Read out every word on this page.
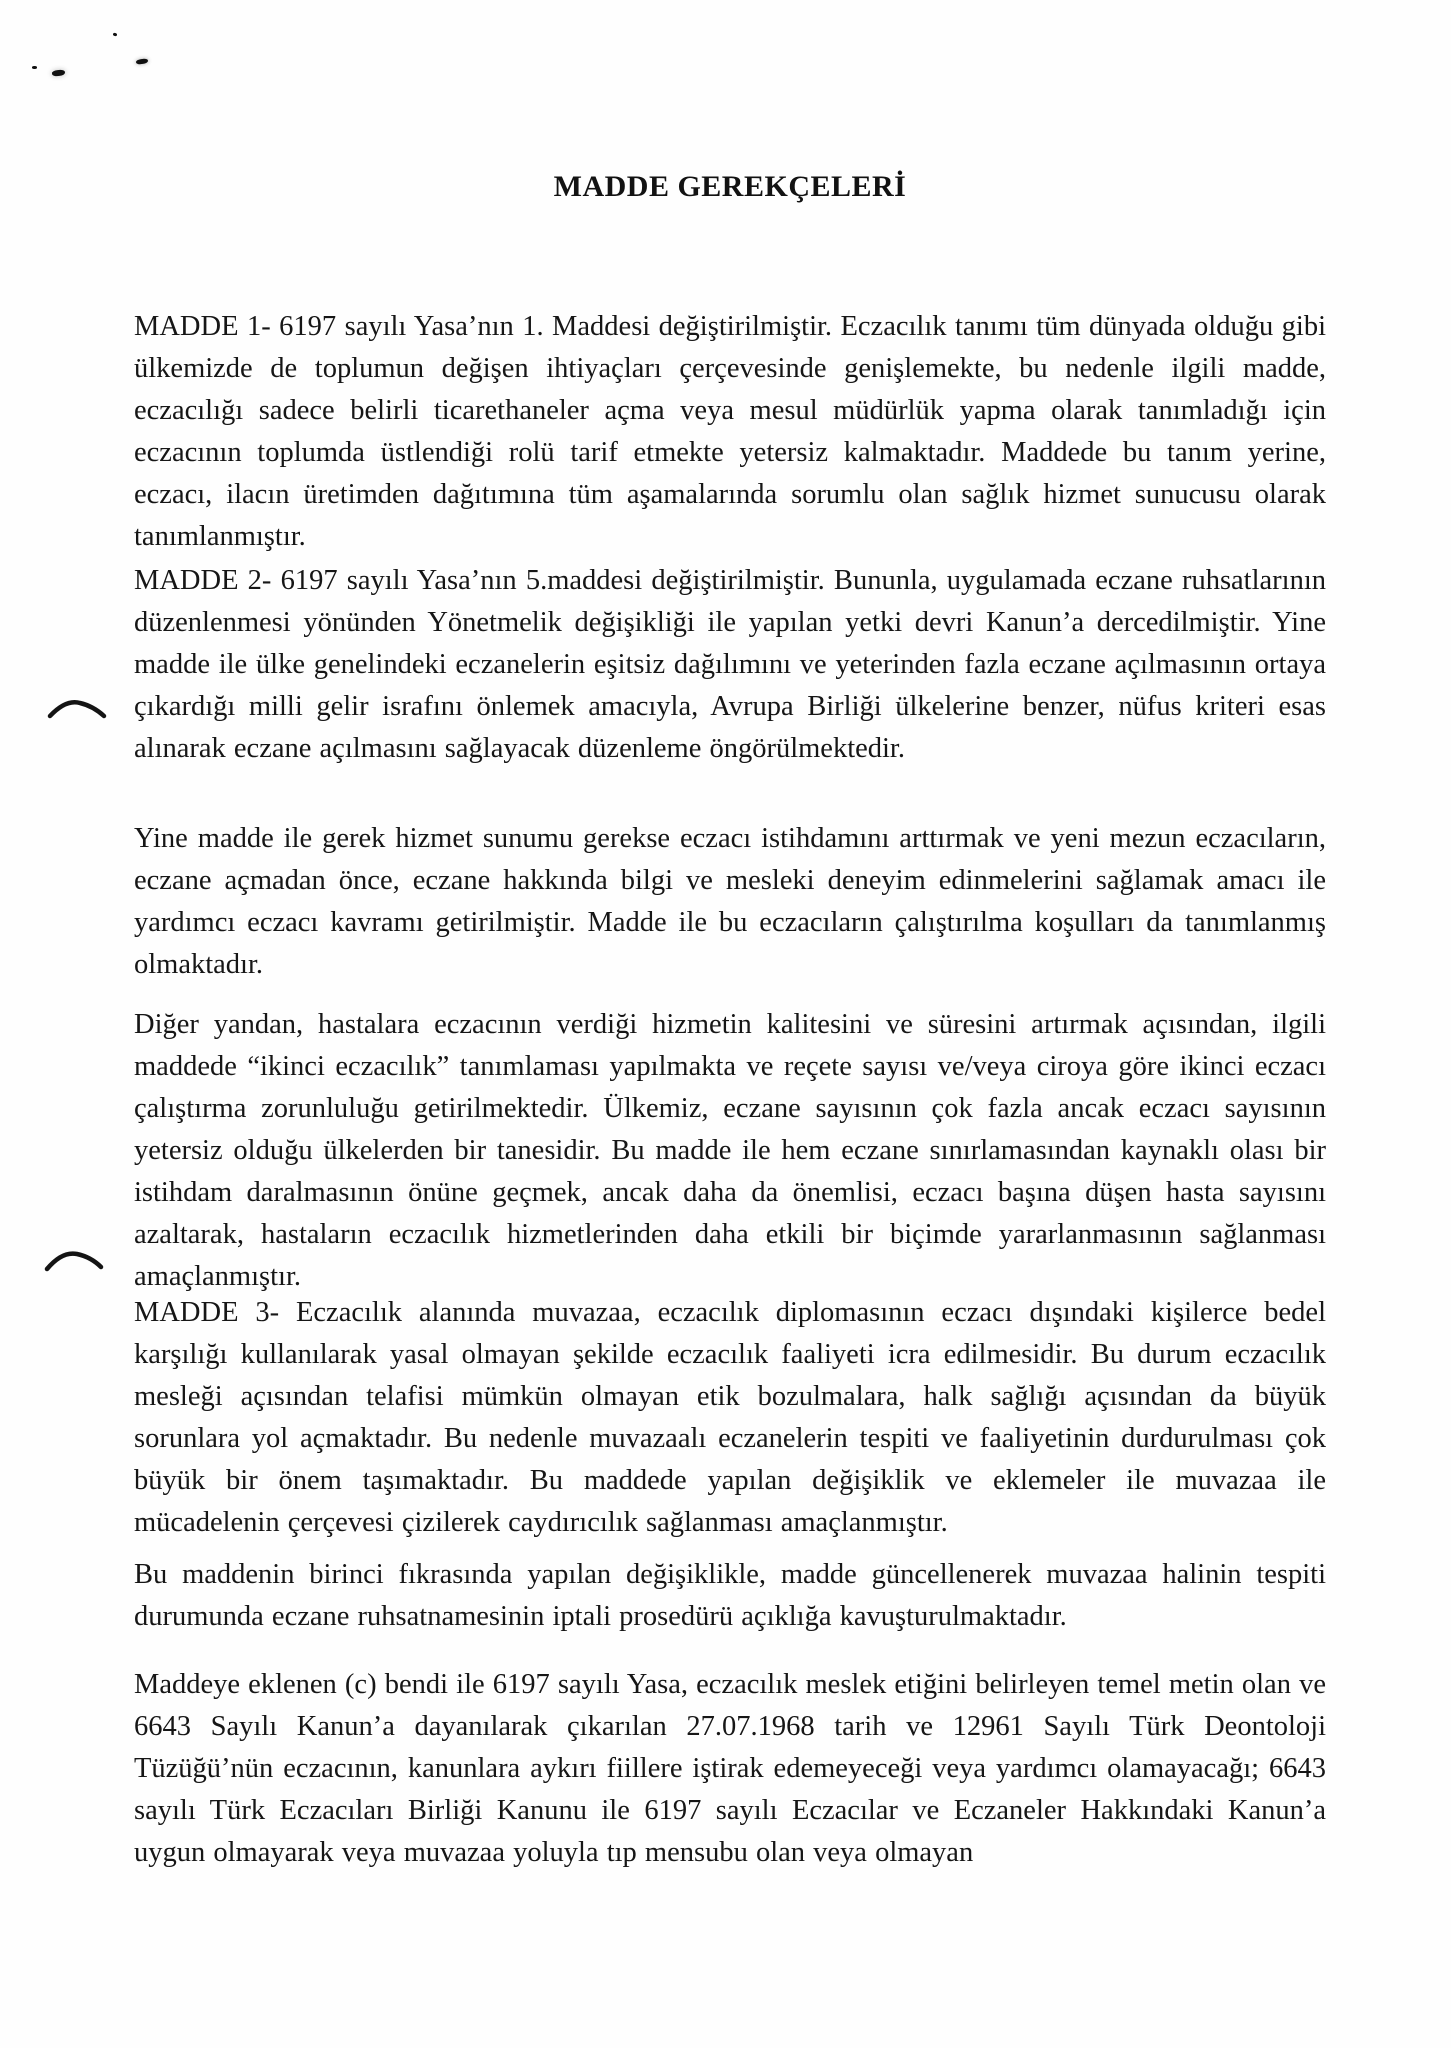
MADDE GEREKÇELERİ

MADDE 1- 6197 sayılı Yasa’nın 1. Maddesi değiştirilmiştir. Eczacılık tanımı tüm dünyada olduğu gibi ülkemizde de toplumun değişen ihtiyaçları çerçevesinde genişlemekte, bu nedenle ilgili madde, eczacılığı sadece belirli ticarethaneler açma veya mesul müdürlük yapma olarak tanımladığı için eczacının toplumda üstlendiği rolü tarif etmekte yetersiz kalmaktadır. Maddede bu tanım yerine, eczacı, ilacın üretimden dağıtımına tüm aşamalarında sorumlu olan sağlık hizmet sunucusu olarak tanımlanmıştır.

MADDE 2- 6197 sayılı Yasa’nın 5.maddesi değiştirilmiştir. Bununla, uygulamada eczane ruhsatlarının düzenlenmesi yönünden Yönetmelik değişikliği ile yapılan yetki devri Kanun’a dercedilmiştir. Yine madde ile ülke genelindeki eczanelerin eşitsiz dağılımını ve yeterinden fazla eczane açılmasının ortaya çıkardığı milli gelir israfını önlemek amacıyla, Avrupa Birliği ülkelerine benzer, nüfus kriteri esas alınarak eczane açılmasını sağlayacak düzenleme öngörülmektedir.

Yine madde ile gerek hizmet sunumu gerekse eczacı istihdamını arttırmak ve yeni mezun eczacıların, eczane açmadan önce, eczane hakkında bilgi ve mesleki deneyim edinmelerini sağlamak amacı ile yardımcı eczacı kavramı getirilmiştir. Madde ile bu eczacıların çalıştırılma koşulları da tanımlanmış olmaktadır.

Diğer yandan, hastalara eczacının verdiği hizmetin kalitesini ve süresini artırmak açısından, ilgili maddede “ikinci eczacılık” tanımlaması yapılmakta ve reçete sayısı ve/veya ciroya göre ikinci eczacı çalıştırma zorunluluğu getirilmektedir. Ülkemiz, eczane sayısının çok fazla ancak eczacı sayısının yetersiz olduğu ülkelerden bir tanesidir. Bu madde ile hem eczane sınırlamasından kaynaklı olası bir istihdam daralmasının önüne geçmek, ancak daha da önemlisi, eczacı başına düşen hasta sayısını azaltarak, hastaların eczacılık hizmetlerinden daha etkili bir biçimde yararlanmasının sağlanması amaçlanmıştır.

MADDE 3- Eczacılık alanında muvazaa, eczacılık diplomasının eczacı dışındaki kişilerce bedel karşılığı kullanılarak yasal olmayan şekilde eczacılık faaliyeti icra edilmesidir. Bu durum eczacılık mesleği açısından telafisi mümkün olmayan etik bozulmalara, halk sağlığı açısından da büyük sorunlara yol açmaktadır. Bu nedenle muvazaalı eczanelerin tespiti ve faaliyetinin durdurulması çok büyük bir önem taşımaktadır. Bu maddede yapılan değişiklik ve eklemeler ile muvazaa ile mücadelenin çerçevesi çizilerek caydırıcılık sağlanması amaçlanmıştır.

Bu maddenin birinci fıkrasında yapılan değişiklikle, madde güncellenerek muvazaa halinin tespiti durumunda eczane ruhsatnamesinin iptali prosedürü açıklığa kavuşturulmaktadır.

Maddeye eklenen (c) bendi ile 6197 sayılı Yasa, eczacılık meslek etiğini belirleyen temel metin olan ve 6643 Sayılı Kanun’a dayanılarak çıkarılan 27.07.1968 tarih ve 12961 Sayılı Türk Deontoloji Tüzüğü’nün eczacının, kanunlara aykırı fiillere iştirak edemeyeceği veya yardımcı olamayacağı; 6643 sayılı Türk Eczacıları Birliği Kanunu ile 6197 sayılı Eczacılar ve Eczaneler Hakkındaki Kanun’a uygun olmayarak veya muvazaa yoluyla tıp mensubu olan veya olmayan
